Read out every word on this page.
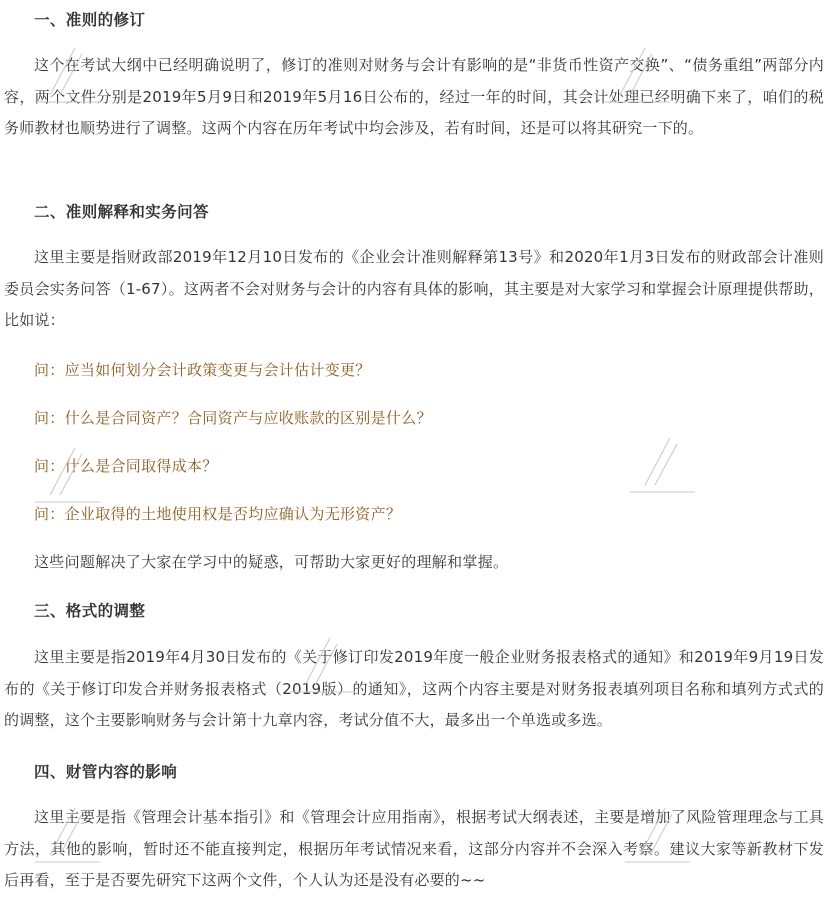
一、准则的修订
这个在考试大纲中已经明确说明了，修订的准则对财务与会计有影响的是“非货币性资产交换”、“债务重组”两部分内容，两个文件分别是2019年5月9日和2019年5月16日公布的，经过一年的时间，其会计处理已经明确下来了，咱们的税务师教材也顺势进行了调整。这两个内容在历年考试中均会涉及，若有时间，还是可以将其研究一下的。
二、准则解释和实务问答
这里主要是指财政部2019年12月10日发布的《企业会计准则解释第13号》和2020年1月3日发布的财政部会计准则委员会实务问答（1-67）。这两者不会对财务与会计的内容有具体的影响，其主要是对大家学习和掌握会计原理提供帮助，比如说：
问：应当如何划分会计政策变更与会计估计变更？
问：什么是合同资产？合同资产与应收账款的区别是什么？
问：什么是合同取得成本？
问：企业取得的土地使用权是否均应确认为无形资产？
这些问题解决了大家在学习中的疑惑，可帮助大家更好的理解和掌握。
三、格式的调整
这里主要是指2019年4月30日发布的《关于修订印发2019年度一般企业财务报表格式的通知》和2019年9月19日发布的《关于修订印发合并财务报表格式（2019版）的通知》，这两个内容主要是对财务报表填列项目名称和填列方式式的的调整，这个主要影响财务与会计第十九章内容，考试分值不大，最多出一个单选或多选。
四、财管内容的影响
这里主要是指《管理会计基本指引》和《管理会计应用指南》，根据考试大纲表述，主要是增加了风险管理理念与工具方法，其他的影响，暂时还不能直接判定，根据历年考试情况来看，这部分内容并不会深入考察。建议大家等新教材下发后再看，至于是否要先研究下这两个文件，个人认为还是没有必要的~~
